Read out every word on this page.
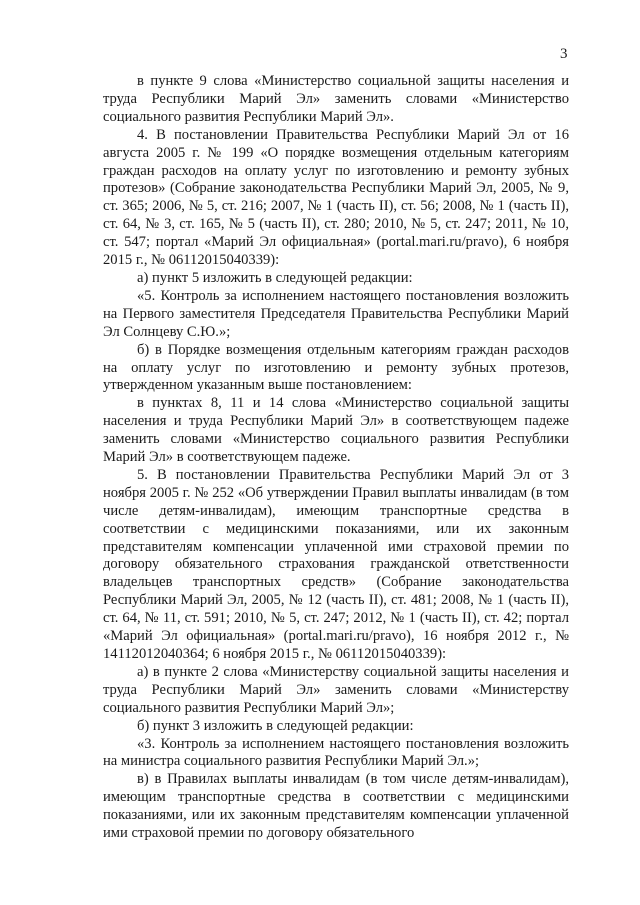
3

в пункте 9 слова «Министерство социальной защиты населения и труда Республики Марий Эл» заменить словами «Министерство социального развития Республики Марий Эл».

4. В постановлении Правительства Республики Марий Эл от 16 августа 2005 г. № 199 «О порядке возмещения отдельным категориям граждан расходов на оплату услуг по изготовлению и ремонту зубных протезов» (Собрание законодательства Республики Марий Эл, 2005, № 9, ст. 365; 2006, № 5, ст. 216; 2007, № 1 (часть II), ст. 56; 2008, № 1 (часть II), ст. 64, № 3, ст. 165, № 5 (часть II), ст. 280; 2010, № 5, ст. 247; 2011, № 10, ст. 547; портал «Марий Эл официальная» (portal.mari.ru/pravo), 6 ноября 2015 г., № 06112015040339):

а) пункт 5 изложить в следующей редакции:

«5. Контроль за исполнением настоящего постановления возложить на Первого заместителя Председателя Правительства Республики Марий Эл Солнцеву С.Ю.»;

б) в Порядке возмещения отдельным категориям граждан расходов на оплату услуг по изготовлению и ремонту зубных протезов, утвержденном указанным выше постановлением:

в пунктах 8, 11 и 14 слова «Министерство социальной защиты населения и труда Республики Марий Эл» в соответствующем падеже заменить словами «Министерство социального развития Республики Марий Эл» в соответствующем падеже.

5. В постановлении Правительства Республики Марий Эл от 3 ноября 2005 г. № 252 «Об утверждении Правил выплаты инвалидам (в том числе детям-инвалидам), имеющим транспортные средства в соответствии с медицинскими показаниями, или их законным представителям компенсации уплаченной ими страховой премии по договору обязательного страхования гражданской ответственности владельцев транспортных средств» (Собрание законодательства Республики Марий Эл, 2005, № 12 (часть II), ст. 481; 2008, № 1 (часть II), ст. 64, № 11, ст. 591; 2010, № 5, ст. 247; 2012, № 1 (часть II), ст. 42; портал «Марий Эл официальная» (portal.mari.ru/pravo), 16 ноября 2012 г., № 14112012040364; 6 ноября 2015 г., № 06112015040339):

а) в пункте 2 слова «Министерству социальной защиты населения и труда Республики Марий Эл» заменить словами «Министерству социального развития Республики Марий Эл»;

б) пункт 3 изложить в следующей редакции:

«3. Контроль за исполнением настоящего постановления возложить на министра социального развития Республики Марий Эл.»;

в) в Правилах выплаты инвалидам (в том числе детям-инвалидам), имеющим транспортные средства в соответствии с медицинскими показаниями, или их законным представителям компенсации уплаченной ими страховой премии по договору обязательного
